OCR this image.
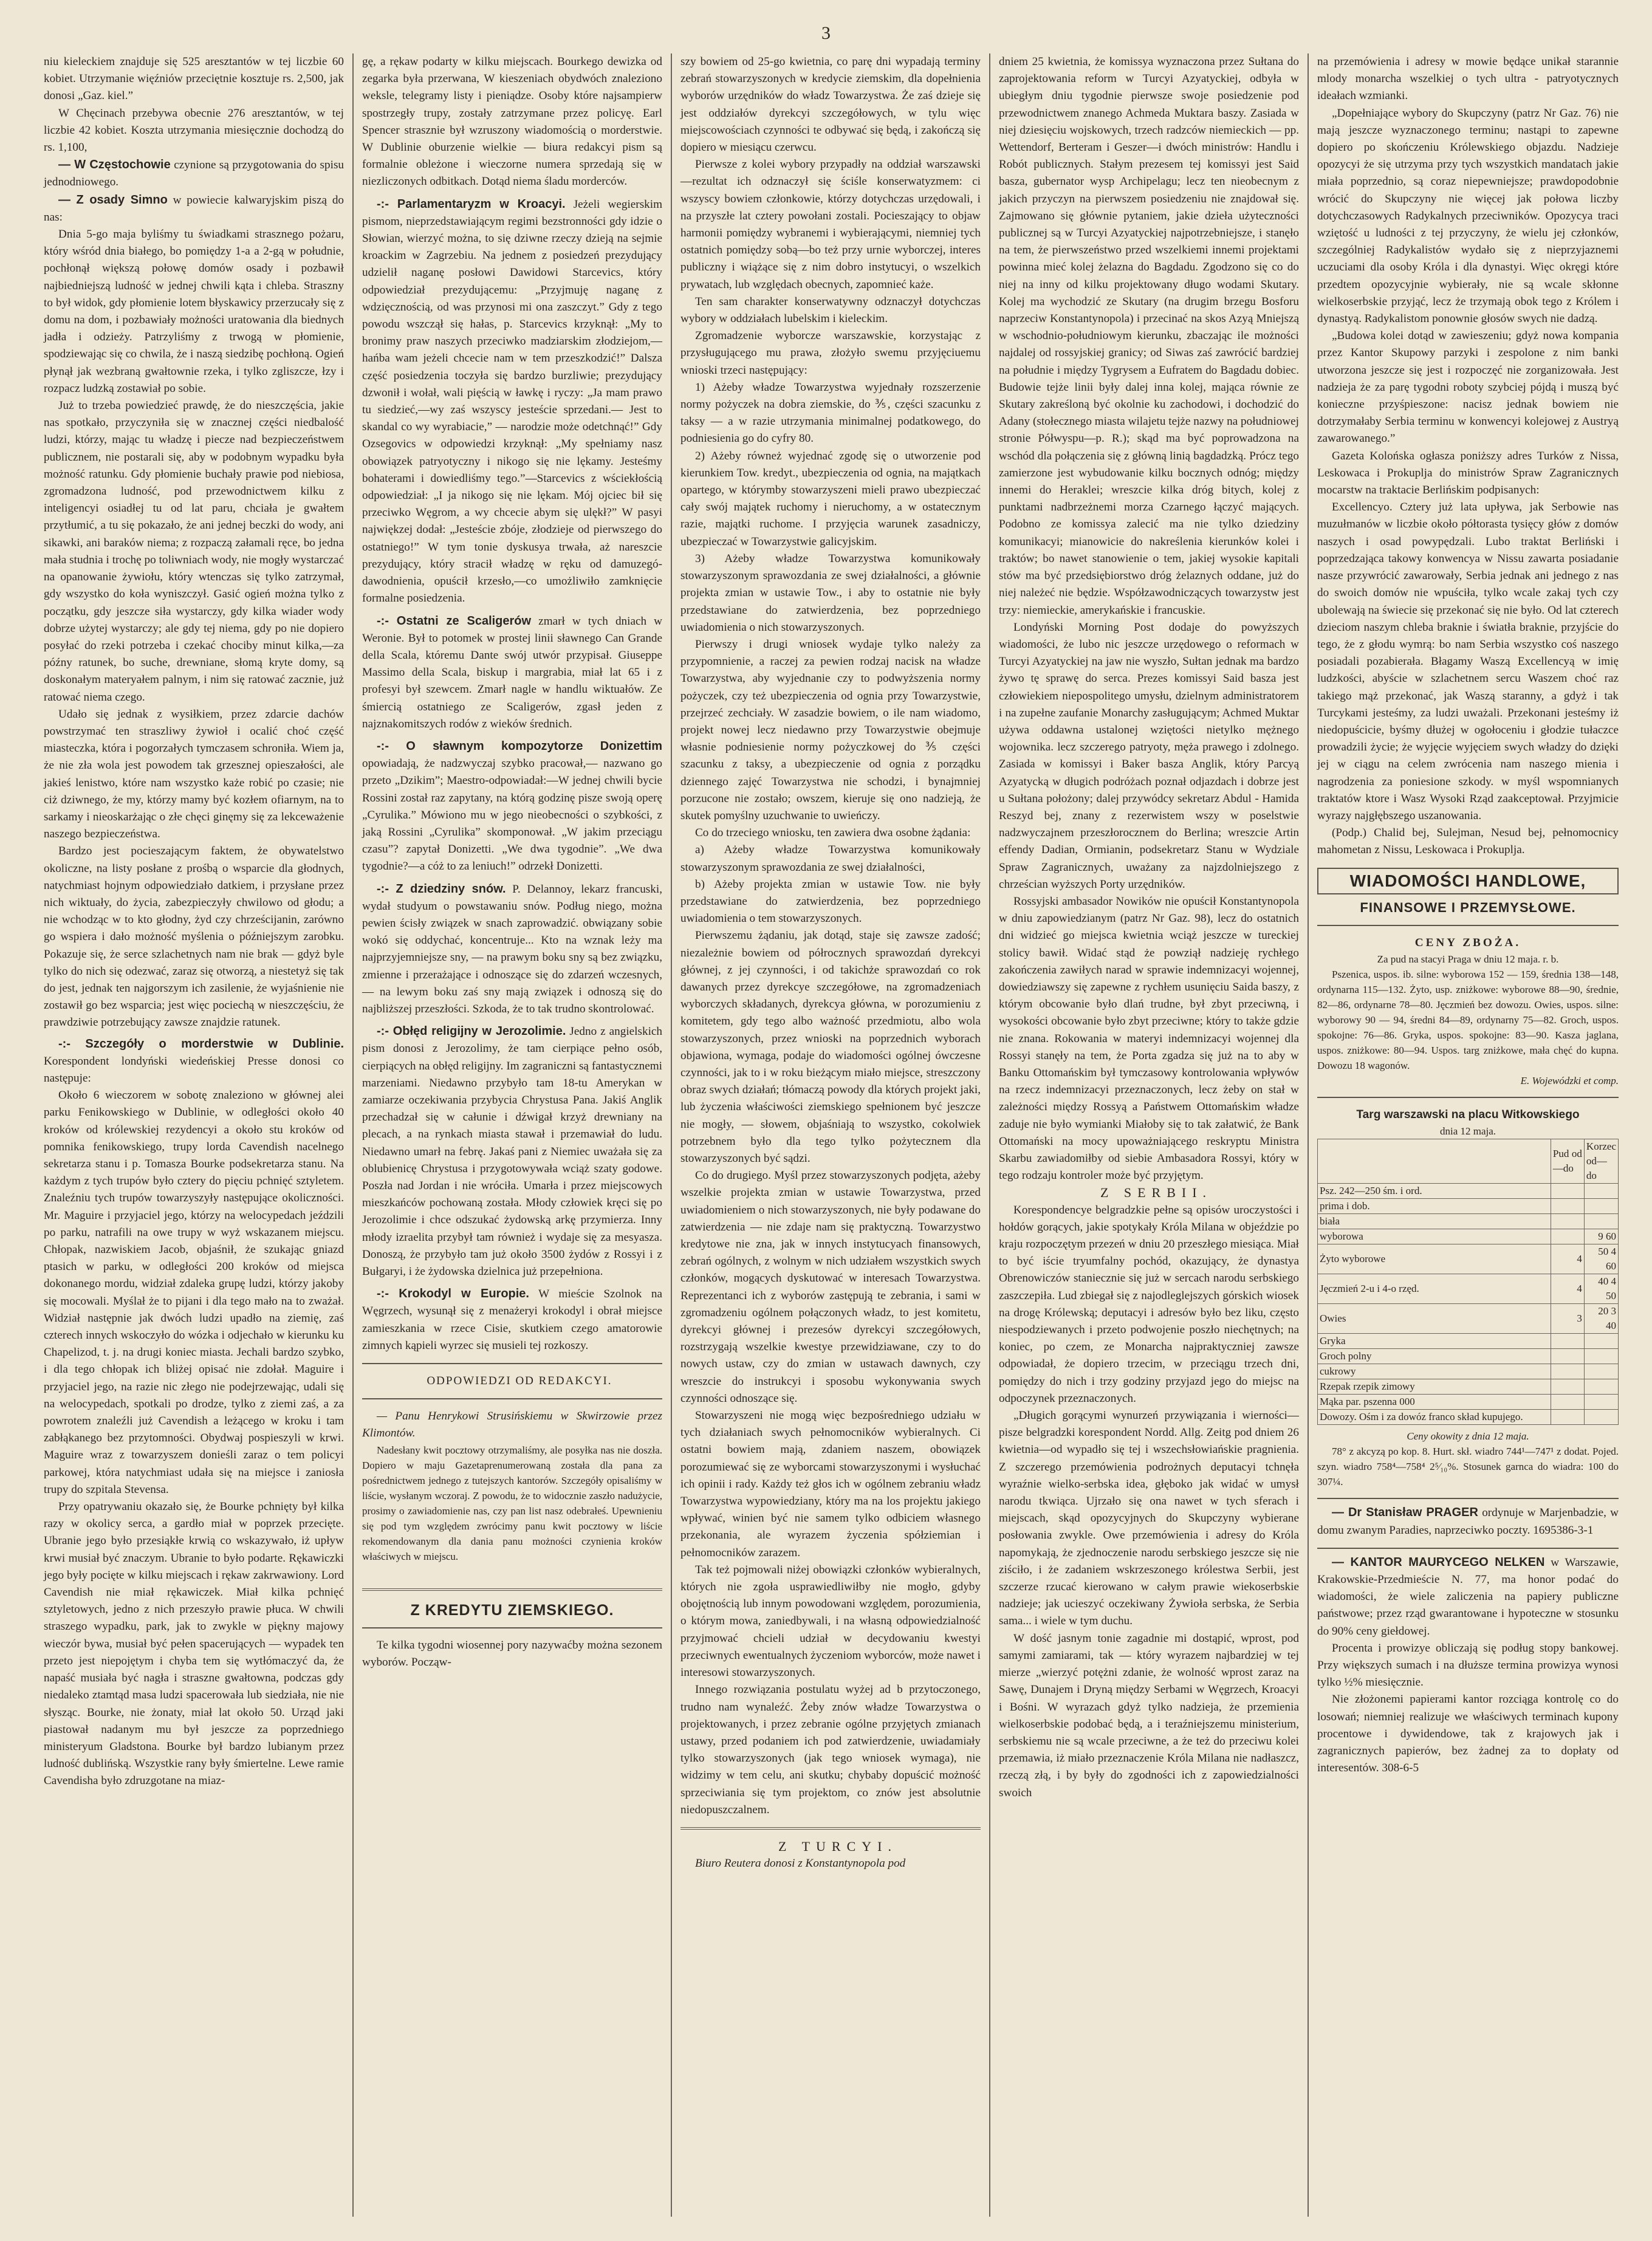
3

niu kieleckiem znajduje się 525 aresztantów w tej liczbie 60 kobiet. Utrzymanie więźniów przeciętnie kosztuje rs. 2,500, jak donosi „Gaz. kiel.”

W Chęcinach przebywa obecnie 276 aresztantów, w tej liczbie 42 kobiet. Koszta utrzymania miesięcznie dochodzą do rs. 1,100,

— W Częstochowie czynione są przygotowania do spisu jednodniowego.

— Z osady Simno w powiecie kalwaryjskim piszą do nas:

Dnia 5-go maja byliśmy tu świadkami strasznego pożaru, który wśród dnia białego, bo pomiędzy 1-a a 2-gą w południe, pochłonął większą połowę domów osady i pozbawił najbiedniejszą ludność w jednej chwili kąta i chleba. Straszny to był widok, gdy płomienie lotem błyskawicy przerzucały się z domu na dom, i pozbawiały możności uratowania dla biednych jadła i odzieży. Patrzyliśmy z trwogą w płomienie, spodziewając się co chwila, że i naszą siedzibę pochłoną. Ogień płynął jak wezbraną gwałtownie rzeka, i tylko zgliszcze, łzy i rozpacz ludzką zostawiał po sobie.

Już to trzeba powiedzieć prawdę, że do nieszczęścia, jakie nas spotkało, przyczyniła się w znacznej części niedbalość ludzi, którzy, mając tu władzę i piecze nad bezpieczeństwem publicznem, nie postarali się, aby w podobnym wypadku była możność ratunku. Gdy płomienie buchały prawie pod niebiosa, zgromadzona ludność, pod przewodnictwem kilku z inteligencyi osiadłej tu od lat paru, chciała je gwałtem przytłumić, a tu się pokazało, że ani jednej beczki do wody, ani sikawki, ani baraków niema; z rozpaczą załamali ręce, bo jedna mała studnia i trochę po toliwniach wody, nie mogły wystarczać na opanowanie żywiołu, który wtenczas się tylko zatrzymał, gdy wszystko do koła wyniszczył. Gasić ogień można tylko z początku, gdy jeszcze siła wystarczy, gdy kilka wiader wody dobrze użytej wystarczy; ale gdy tej niema, gdy po nie dopiero posyłać do rzeki potrzeba i czekać chociby minut kilka,—za późny ratunek, bo suche, drewniane, słomą kryte domy, są doskonałym materyałem palnym, i nim się ratować zacznie, już ratować niema czego.

Udało się jednak z wysiłkiem, przez zdarcie dachów powstrzymać ten straszliwy żywioł i ocalić choć część miasteczka, która i pogorzałych tymczasem schroniła. Wiem ja, że nie zła wola jest powodem tak grzesznej opieszałości, ale jakieś lenistwo, które nam wszystko każe robić po czasie; nie ciż dziwnego, że my, którzy mamy być kozłem ofiarnym, na to sarkamy i nieoskarżając o złe chęci ginęmy się za lekceważenie naszego bezpieczeństwa.

Bardzo jest pocieszającym faktem, że obywatelstwo okoliczne, na listy posłane z prośbą o wsparcie dla głodnych, natychmiast hojnym odpowiedziało datkiem, i przysłane przez nich wiktuały, do życia, zabezpieczyły chwilowo od głodu; a nie wchodząc w to kto głodny, żyd czy chrześcijanin, zarówno go wspiera i dało możność myślenia o późniejszym zarobku. Pokazuje się, że serce szlachetnych nam nie brak — gdyż byle tylko do nich się odezwać, zaraz się otworzą, a niestetyż się tak do jest, jednak ten najgorszym ich zasilenie, że wyjaśnienie nie zostawił go bez wsparcia; jest więc pociechą w nieszczęściu, że prawdziwie potrzebujący zawsze znajdzie ratunek.

-:- Szczegóły o morderstwie w Dublinie. Korespondent londyński wiedeńskiej Presse donosi co następuje:

Około 6 wieczorem w sobotę znaleziono w głównej alei parku Fenikowskiego w Dublinie, w odległości około 40 kroków od królewskiej rezydencyi a około stu kroków od pomnika fenikowskiego, trupy lorda Cavendish nacelnego sekretarza stanu i p. Tomasza Bourke podsekretarza stanu. Na każdym z tych trupów było cztery do pięciu pchnięć sztyletem. Znaleźniu tych trupów towarzyszyły następujące okoliczności. Mr. Maguire i przyjaciel jego, którzy na welocypedach jeździli po parku, natrafili na owe trupy w wyż wskazanem miejscu. Chłopak, nazwiskiem Jacob, objaśnił, że szukając gniazd ptasich w parku, w odległości 200 kroków od miejsca dokonanego mordu, widział zdaleka grupę ludzi, którzy jakoby się mocowali. Myślał że to pijani i dla tego mało na to zważał. Widział następnie jak dwóch ludzi upadło na ziemię, zaś czterech innych wskoczyło do wózka i odjechało w kierunku ku Chapelizod, t. j. na drugi koniec miasta. Jechali bardzo szybko, i dla tego chłopak ich bliżej opisać nie zdołał. Maguire i przyjaciel jego, na razie nic złego nie podejrzewając, udali się na welocypedach, spotkali po drodze, tylko z ziemi zaś, a za powrotem znaleźli już Cavendish a leżącego w kroku i tam zabłąkanego bez przytomności. Obydwaj pospieszyli w krwi. Maguire wraz z towarzyszem donieśli zaraz o tem policyi parkowej, która natychmiast udała się na miejsce i zaniosła trupy do szpitala Stevensa.

Przy opatrywaniu okazało się, że Bourke pchnięty był kilka razy w okolicy serca, a gardło miał w poprzek przecięte. Ubranie jego było przesiąkłe krwią co wskazywało, iż upływ krwi musiał być znaczym. Ubranie to było podarte. Rękawiczki jego były pocięte w kilku miejscach i rękaw zakrwawiony. Lord Cavendish nie miał rękawiczek. Miał kilka pchnięć sztyletowych, jedno z nich przeszyło prawie płuca. W chwili straszego wypadku, park, jak to zwykle w piękny majowy wieczór bywa, musiał być pełen spacerujących — wypadek ten przeto jest niepojętym i chyba tem się wytłómaczyć da, że napaść musiała być nagła i straszne gwałtowna, podczas gdy niedaleko ztamtąd masa ludzi spacerowała lub siedziała, nie nie słysząc. Bourke, nie żonaty, miał lat około 50. Urząd jaki piastował nadanym mu był jeszcze za poprzedniego ministeryum Gladstona. Bourke był bardzo lubianym przez ludność dublińską. Wszystkie rany były śmiertelne. Lewe ramie Cavendisha było zdruzgotane na miaz-

gę, a rękaw podarty w kilku miejscach. Bourkego dewizka od zegarka była przerwana, W kieszeniach obydwóch znaleziono weksle, telegramy listy i pieniądze. Osoby które najsampierw spostrzegły trupy, zostały zatrzymane przez policyę. Earl Spencer strasznie był wzruszony wiadomością o morderstwie. W Dublinie oburzenie wielkie — biura redakcyi pism są formalnie obleżone i wieczorne numera sprzedają się w niezliczonych odbitkach. Dotąd niema śladu morderców.

-:- Parlamentaryzm w Kroacyi. Jeżeli wegierskim pismom, nieprzedstawiającym regimi bezstronności gdy idzie o Słowian, wierzyć można, to się dziwne rzeczy dzieją na sejmie kroackim w Zagrzebiu. Na jednem z posiedzeń prezydujący udzielił naganę posłowi Dawidowi Starcevics, który odpowiedział prezydującemu: „Przyjmuję naganę z wdzięcznością, od was przynosi mi ona zaszczyt.” Gdy z tego powodu wszczął się hałas, p. Starcevics krzyknął: „My to bronimy praw naszych przeciwko madziarskim złodziejom,—hańba wam jeżeli chcecie nam w tem przeszkodzić!” Dalsza część posiedzenia toczyła się bardzo burzliwie; prezydujący dzwonił i wołał, wali pięścią w ławkę i ryczy: „Ja mam prawo tu siedzieć,—wy zaś wszyscy jesteście sprzedani.— Jest to skandal co wy wyrabiacie,” — narodzie może odetchnąć!” Gdy Ozsegovics w odpowiedzi krzyknął: „My spełniamy nasz obowiązek patryotyczny i nikogo się nie lękamy. Jesteśmy bohaterami i dowiedliśmy tego.”—Starcevics z wściekłością odpowiedział: „I ja nikogo się nie lękam. Mój ojciec bił się przeciwko Węgrom, a wy chcecie abym się ulękł?” W pasyi najwiękzej dodał: „Jesteście zbóje, złodzieje od pierwszego do ostatniego!” W tym tonie dyskusya trwała, aż nareszcie prezydujący, który stracił władzę w ręku od damuzegó-dawodnienia, opuścił krzesło,—co umożliwiło zamknięcie formalne posiedzenia.

-:- Ostatni ze Scaligerów zmarł w tych dniach w Weronie. Był to potomek w prostej linii sławnego Can Grande della Scala, któremu Dante swój utwór przypisał. Giuseppe Massimo della Scala, biskup i margrabia, miał lat 65 i z profesyi był szewcem. Zmarł nagle w handlu wiktuałów. Ze śmiercią ostatniego ze Scaligerów, zgasł jeden z najznakomitszych rodów z wieków średnich.

-:- O sławnym kompozytorze Donizettim opowiadają, że nadzwyczaj szybko pracował,— nazwano go przeto „Dzikim”; Maestro-odpowiadał:—W jednej chwili bycie Rossini został raz zapytany, na którą godzinę pisze swoją operę „Cyrulika.” Mówiono mu w jego nieobecności o szybkości, z jaką Rossini „Cyrulika” skomponował. „W jakim przeciągu czasu”? zapytał Donizetti. „We dwa tygodnie”. „We dwa tygodnie?—a cóż to za leniuch!” odrzekł Donizetti.

-:- Z dziedziny snów. P. Delannoy, lekarz francuski, wydał studyum o powstawaniu snów. Podług niego, można pewien ścisły związek w snach zaprowadzić. obwiązany sobie wokó się oddychać, koncentruje... Kto na wznak leży ma najprzyjemniejsze sny, — na prawym boku sny są bez związku, zmienne i przerażające i odnoszące się do zdarzeń wczesnych,— na lewym boku zaś sny mają związek i odnoszą się do najbliższej przeszłości. Szkoda, że to tak trudno skontrolować.

-:- Obłęd religijny w Jerozolimie. Jedno z angielskich pism donosi z Jerozolimy, że tam cierpiące pełno osób, cierpiących na obłęd religijny. Im zagraniczni są fantastycznemi marzeniami. Niedawno przybyło tam 18-tu Amerykan w zamiarze oczekiwania przybycia Chrystusa Pana. Jakiś Anglik przechadzał się w całunie i dźwigał krzyż drewniany na plecach, a na rynkach miasta stawał i przemawiał do ludu. Niedawno umarł na febrę. Jakaś pani z Niemiec uważała się za oblubienicę Chrystusa i przygotowywała wciąż szaty godowe. Poszła nad Jordan i nie wróciła. Umarła i przez miejscowych mieszkańców pochowaną została. Młody człowiek kręci się po Jerozolimie i chce odszukać żydowską arkę przymierza. Inny młody izraelita przybył tam również i wydaje się za mesyasza. Donoszą, że przybyło tam już około 3500 żydów z Rossyi i z Bułgaryi, i że żydowska dzielnica już przepełniona.

-:- Krokodyl w Europie. W mieście Szolnok na Węgrzech, wysunął się z menażeryi krokodyl i obrał miejsce zamieszkania w rzece Cisie, skutkiem czego amatorowie zimnych kąpieli wyrzec się musieli tej rozkoszy.

ODPOWIEDZI OD REDAKCYI.

— Panu Henrykowi Strusińskiemu w Skwirzowie przez Klimontów.

Nadesłany kwit pocztowy otrzymaliśmy, ale posyłka nas nie doszła. Dopiero w maju Gazetaprenumerowaną została dla pana za pośrednictwem jednego z tutejszych kantorów. Szczegóły opisaliśmy w liście, wysłanym wczoraj. Z powodu, że to widocznie zaszło nadużycie, prosimy o zawiadomienie nas, czy pan list nasz odebrałeś. Upewnieniu się pod tym względem zwrócimy panu kwit pocztowy w liście rekomendowanym dla dania panu możności czynienia kroków właściwych w miejscu.

Z KREDYTU ZIEMSKIEGO.

Te kilka tygodni wiosennej pory nazywaćby można sezonem wyborów. Począw-

szy bowiem od 25-go kwietnia, co parę dni wypadają terminy zebrań stowarzyszonych w kredycie ziemskim, dla dopełnienia wyborów urzędników do władz Towarzystwa. Że zaś dzieje się jest oddziałów dyrekcyi szczegółowych, w tylu więc miejscowościach czynności te odbywać się będą, i zakończą się dopiero w miesiącu czerwcu.

Pierwsze z kolei wybory przypadły na oddział warszawski —rezultat ich odznaczył się ściśle konserwatyzmem: ci wszyscy bowiem członkowie, którzy dotychczas urzędowali, i na przyszłe lat cztery powołani zostali. Pocieszający to objaw harmonii pomiędzy wybranemi i wybierającymi, niemniej tych ostatnich pomiędzy sobą—bo też przy urnie wyborczej, interes publiczny i wiążące się z nim dobro instytucyi, o wszelkich prywatach, lub względach obecnych, zapomnieć każe.

Ten sam charakter konserwatywny odznaczył dotychczas wybory w oddziałach lubelskim i kieleckim.

Zgromadzenie wyborcze warszawskie, korzystając z przysługującego mu prawa, złożyło swemu przyjęciuemu wnioski trzeci następujący:

1) Ażeby władze Towarzystwa wyjednały rozszerzenie normy pożyczek na dobra ziemskie, do ⅗, części szacunku z taksy — a w razie utrzymania minimalnej podatkowego, do podniesienia go do cyfry 80.

2) Ażeby równeż wyjednać zgodę się o utworzenie pod kierunkiem Tow. kredyt., ubezpieczenia od ognia, na majątkach opartego, w którymby stowarzyszeni mieli prawo ubezpieczać cały swój majątek ruchomy i nieruchomy, a w ostatecznym razie, majątki ruchome. I przyjęcia warunek zasadniczy, ubezpieczać w Towarzystwie galicyjskim.

3) Ażeby władze Towarzystwa komunikowały stowarzyszonym sprawozdania ze swej działalności, a głównie projekta zmian w ustawie Tow., i aby to ostatnie nie były przedstawiane do zatwierdzenia, bez poprzedniego uwiadomienia o nich stowarzyszonych.

Pierwszy i drugi wniosek wydaje tylko należy za przypomnienie, a raczej za pewien rodzaj nacisk na władze Towarzystwa, aby wyjednanie czy to podwyższenia normy pożyczek, czy też ubezpieczenia od ognia przy Towarzystwie, przejrzeć zechciały. W zasadzie bowiem, o ile nam wiadomo, projekt nowej lecz niedawno przy Towarzystwie obejmuje własnie podniesienie normy pożyczkowej do ⅗ części szacunku z taksy, a ubezpieczenie od ognia z porządku dziennego zajęć Towarzystwa nie schodzi, i bynajmniej porzucone nie zostało; owszem, kieruje się ono nadzieją, że skutek pomyślny uzuchwanie to uwieńczy.

Co do trzeciego wniosku, ten zawiera dwa osobne żądania:

a) Ażeby władze Towarzystwa komunikowały stowarzyszonym sprawozdania ze swej działalności,

b) Ażeby projekta zmian w ustawie Tow. nie były przedstawiane do zatwierdzenia, bez poprzedniego uwiadomienia o tem stowarzyszonych.

Pierwszemu żądaniu, jak dotąd, staje się zawsze zadość; niezależnie bowiem od półrocznych sprawozdań dyrekcyi głównej, z jej czynności, i od takichże sprawozdań co rok dawanych przez dyrekcye szczegółowe, na zgromadzeniach wyborczych składanych, dyrekcya główna, w porozumieniu z komitetem, gdy tego albo ważność przedmiotu, albo wola stowarzyszonych, przez wnioski na poprzednich wyborach objawiona, wymaga, podaje do wiadomości ogólnej ówczesne czynności, jak to i w roku bieżącym miało miejsce, streszczony obraz swych działań; tłómaczą powody dla których projekt jaki, lub życzenia właściwości ziemskiego spełnionem być jeszcze nie mogły, — słowem, objaśniają to wszystko, cokolwiek potrzebnem było dla tego tylko pożytecznem dla stowarzyszonych być sądzi.

Co do drugiego. Myśl przez stowarzyszonych podjęta, ażeby wszelkie projekta zmian w ustawie Towarzystwa, przed uwiadomieniem o nich stowarzyszonych, nie były podawane do zatwierdzenia — nie zdaje nam się praktyczną. Towarzystwo kredytowe nie zna, jak w innych instytucyach finansowych, zebrań ogólnych, z wolnym w nich udziałem wszystkich swych członków, mogących dyskutować w interesach Towarzystwa. Reprezentanci ich z wyborów zastępują te zebrania, i sami w zgromadzeniu ogólnem połączonych władz, to jest komitetu, dyrekcyi głównej i prezesów dyrekcyi szczegółowych, rozstrzygają wszelkie kwestye przewidziawane, czy to do nowych ustaw, czy do zmian w ustawach dawnych, czy wreszcie do instrukcyi i sposobu wykonywania swych czynności odnoszące się.

Stowarzyszeni nie mogą więc bezpośredniego udziału w tych działaniach swych pełnomocników wybieralnych. Ci ostatni bowiem mają, zdaniem naszem, obowiązek porozumiewać się ze wyborcami stowarzyszonymi i wysłuchać ich opinii i rady. Każdy też głos ich w ogólnem zebraniu władz Towarzystwa wypowiedziany, który ma na los projektu jakiego wpływać, winien być nie samem tylko odbiciem własnego przekonania, ale wyrazem życzenia spółziemian i pełnomocników zarazem.

Tak też pojmowali niżej obowiązki członków wybieralnych, których nie zgoła usprawiedliwiłby nie mogło, gdyby obojętnością lub innym powodowani względem, porozumienia, o którym mowa, zaniedbywali, i na własną odpowiedzialność przyjmować chcieli udział w decydowaniu kwestyi przeciwnych ewentualnych życzeniom wyborców, może nawet i interesowi stowarzyszonych.

Innego rozwiązania postulatu wyżej ad b przytoczonego, trudno nam wynaleźć. Żeby znów władze Towarzystwa o projektowanych, i przez zebranie ogólne przyjętych zmianach ustawy, przed podaniem ich pod zatwierdzenie, uwiadamiały tylko stowarzyszonych (jak tego wniosek wymaga), nie widzimy w tem celu, ani skutku; chybaby dopuścić możność sprzeciwiania się tym projektom, co znów jest absolutnie niedopuszczalnem.

Z TURCYI.

Biuro Reutera donosi z Konstantynopola pod

dniem 25 kwietnia, że komissya wyznaczona przez Sułtana do zaprojektowania reform w Turcyi Azyatyckiej, odbyła w ubiegłym dniu tygodnie pierwsze swoje posiedzenie pod przewodnictwem znanego Achmeda Muktara baszy. Zasiada w niej dziesięciu wojskowych, trzech radzców niemieckich — pp. Wettendorf, Berteram i Geszer—i dwóch ministrów: Handlu i Robót publicznych. Stałym prezesem tej komissyi jest Said basza, gubernator wysp Archipelagu; lecz ten nieobecnym z jakich przyczyn na pierwszem posiedzeniu nie znajdował się. Zajmowano się głównie pytaniem, jakie dzieła użyteczności publicznej są w Turcyi Azyatyckiej najpotrzebniejsze, i stanęło na tem, że pierwszeństwo przed wszelkiemi innemi projektami powinna mieć kolej żelazna do Bagdadu. Zgodzono się co do niej na inny od kilku projektowany długo wodami Skutary. Kolej ma wychodzić ze Skutary (na drugim brzegu Bosforu naprzeciw Konstantynopola) i przecinać na skos Azyą Mniejszą w wschodnio-południowym kierunku, zbaczając ile możności najdalej od rossyjskiej granicy; od Siwas zaś zawrócić bardziej na południe i między Tygrysem a Eufratem do Bagdadu dobiec. Budowie tejże linii były dalej inna kolej, mająca równie ze Skutary zakreśloną być okolnie ku zachodowi, i dochodzić do Adany (stołecznego miasta wilajetu tejże nazwy na południowej stronie Półwyspu—p. R.); skąd ma być poprowadzona na wschód dla połączenia się z główną linią bagdadzką. Prócz tego zamierzone jest wybudowanie kilku bocznych odnóg; między innemi do Heraklei; wreszcie kilka dróg bitych, kolej z punktami nadbrzeżnemi morza Czarnego łączyć mających. Podobno ze komissya zalecić ma nie tylko dziedziny komunikacyi; mianowicie do nakreślenia kierunków kolei i traktów; bo nawet stanowienie o tem, jakiej wysokie kapitali stów ma być przedsiębiorstwo dróg żelaznych oddane, już do niej należeć nie będzie. Współzawodniczących towarzystw jest trzy: niemieckie, amerykańskie i francuskie.

Londyński Morning Post dodaje do powyższych wiadomości, że lubo nic jeszcze urzędowego o reformach w Turcyi Azyatyckiej na jaw nie wyszło, Sułtan jednak ma bardzo żywo tę sprawę do serca. Prezes komissyi Said basza jest człowiekiem niepospolitego umysłu, dzielnym administratorem i na zupełne zaufanie Monarchy zasługującym; Achmed Muktar używa oddawna ustalonej wziętości nietylko mężnego wojownika. lecz szczerego patryoty, męża prawego i zdolnego. Zasiada w komissyi i Baker basza Anglik, który Parcyą Azyatycką w długich podróżach poznał odjazdach i dobrze jest u Sułtana położony; dalej przywódcy sekretarz Abdul - Hamida Reszyd bej, znany z rezerwistem wszy w poselstwie nadzwyczajnem przeszłorocznem do Berlina; wreszcie Artin effendy Dadian, Ormianin, podsekretarz Stanu w Wydziale Spraw Zagranicznych, uważany za najzdolniejszego z chrześcian wyższych Porty urzędników.

Rossyjski ambasador Nowików nie opuścił Konstantynopola w dniu zapowiedzianym (patrz Nr Gaz. 98), lecz do ostatnich dni widzieć go miejsca kwietnia wciąż jeszcze w tureckiej stolicy bawił. Widać stąd że powziął nadzieję rychłego zakończenia zawiłych narad w sprawie indemnizacyi wojennej, dowiedziawszy się zapewne z rychłem usunięciu Saida baszy, z którym obcowanie było dlań trudne, był zbyt przeciwną, i wysokości obcowanie było zbyt przeciwne; który to także gdzie nie znana. Rokowania w materyi indemnizacyi wojennej dla Rossyi stanęły na tem, że Porta zgadza się już na to aby w Banku Ottomańskim był tymczasowy kontrolowania wpływów na rzecz indemnizacyi przeznaczonych, lecz żeby on stał w zależności między Rossyą a Państwem Ottomańskim władze zaduje nie było wymianki Miałoby się to tak załatwić, że Bank Ottomański na mocy upoważniającego reskryptu Ministra Skarbu zawiadomiłby od siebie Ambasadora Rossyi, który w tego rodzaju kontroler może być przyjętym.

Z SERBII.

Korespondencye belgradzkie pełne są opisów uroczystości i hołdów gorących, jakie spotykały Króla Milana w objeździe po kraju rozpoczętym przezeń w dniu 20 przeszłego miesiąca. Miał to być iście tryumfalny pochód, okazujący, że dynastya Obrenowiczów staniecznie się już w sercach narodu serbskiego zaszczepiła. Lud zbiegał się z najodleglejszych górskich wiosek na drogę Królewską; deputacyi i adresów było bez liku, często niespodziewanych i przeto podwojenie poszło niechętnych; na koniec, po czem, ze Monarcha najpraktyczniej zawsze odpowiadał, że dopiero trzecim, w przeciągu trzech dni, pomiędzy do nich i trzy godziny przyjazd jego do miejsc na odpoczynek przeznaczonych.

„Długich gorącymi wynurzeń przywiązania i wierności— pisze belgradzki korespondent Nordd. Allg. Zeitg pod dniem 26 kwietnia—od wypadło się tej i wszechsłowiańskie pragnienia. Z szczerego przemówienia podrożnych deputacyi tchnęła wyraźnie wielko-serbska idea, głęboko jak widać w umysł narodu tkwiąca. Ujrzało się ona nawet w tych sferach i miejscach, skąd opozycyjnych do Skupczyny wybierane posłowania zwykle. Owe przemówienia i adresy do Króla napomykają, że zjednoczenie narodu serbskiego jeszcze się nie ziściło, i że zadaniem wskrzeszonego królestwa Serbii, jest szczerze rzucać kierowano w całym prawie wiekoserbskie nadzieje; jak ucieszyć oczekiwany Żywioła serbska, że Serbia sama... i wiele w tym duchu.

W dość jasnym tonie zagadnie mi dostąpić, wprost, pod samymi zamiarami, tak — który wyrazem najbardziej w tej mierze „wierzyć potężni zdanie, że wolność wprost zaraz na Sawę, Dunajem i Dryną między Serbami w Węgrzech, Kroacyi i Bośni. W wyrazach gdyż tylko nadzieja, że przemienia wielkoserbskie podobać będą, a i teraźniejszemu ministerium, serbskiemu nie są wcale przeciwne, a że też do przeciwu kolei przemawia, iż miało przeznaczenie Króla Milana nie nadłaszcz, rzeczą złą, i by były do zgodności ich z zapowiedzialności swoich

na przemówienia i adresy w mowie będące unikał starannie mlody monarcha wszelkiej o tych ultra - patryotycznych ideałach wzmianki.

„Dopełniające wybory do Skupczyny (patrz Nr Gaz. 76) nie mają jeszcze wyznaczonego terminu; nastąpi to zapewne dopiero po skończeniu Królewskiego objazdu. Nadzieje opozycyi że się utrzyma przy tych wszystkich mandatach jakie miała poprzednio, są coraz niepewniejsze; prawdopodobnie wrócić do Skupczyny nie więcej jak połowa liczby dotychczasowych Radykalnych przeciwników. Opozycya traci wziętość u ludności z tej przyczyny, że wielu jej członków, szczególniej Radykalistów wydało się z nieprzyjaznemi uczuciami dla osoby Króla i dla dynastyi. Więc okręgi które przedtem opozycyjnie wybierały, nie są wcale skłonne wielkoserbskie przyjąć, lecz że trzymają obok tego z Królem i dynastyą. Radykalistom ponownie głosów swych nie dadzą.

„Budowa kolei dotąd w zawieszeniu; gdyż nowa kompania przez Kantor Skupowy parzyki i zespolone z nim banki utworzona jeszcze się jest i rozpoczęć nie zorganizowała. Jest nadzieja że za parę tygodni roboty szybciej pójdą i muszą być konieczne przyśpieszone: nacisz jednak bowiem nie dotrzymałaby Serbia terminu w konwencyi kolejowej z Austryą zawarowanego.”

Gazeta Kolońska ogłasza poniższy adres Turków z Nissa, Leskowaca i Prokuplja do ministrów Spraw Zagranicznych mocarstw na traktacie Berlińskim podpisanych:

Excellencyo. Cztery już lata upływa, jak Serbowie nas muzułmanów w liczbie około półtorasta tysięcy głów z domów naszych i osad powypędzali. Lubo traktat Berliński i poprzedzająca takowy konwencya w Nissu zawarta posiadanie nasze przywrócić zawarowały, Serbia jednak ani jednego z nas do swoich domów nie wpuściła, tylko wcale zakaj tych czy ubolewają na świecie się przekonać się nie było. Od lat czterech dzieciom naszym chleba braknie i światła braknie, przyjście do tego, że z głodu wymrą: bo nam Serbia wszystko coś naszego posiadali pozabierała. Błagamy Waszą Excellencyą w imię ludzkości, abyście w szlachetnem sercu Waszem choć raz takiego mąż przekonać, jak Waszą staranny, a gdyż i tak Turcykami jesteśmy, za ludzi uważali. Przekonani jesteśmy iż niedopuścicie, byśmy dłużej w ogołoceniu i głodzie tułaczce prowadzili życie; że wyjęcie wyjęciem swych władzy do dzięki jej w ciągu na celem zwrócenia nam naszego mienia i nagrodzenia za poniesione szkody. w myśl wspomnianych traktatów ktore i Wasz Wysoki Rząd zaakceptował. Przyjmicie wyrazy najgłębszego uszanowania.

(Podp.) Chalid bej, Sulejman, Nesud bej, pełnomocnicy mahometan z Nissu, Leskowaca i Prokuplja.

WIADOMOŚCI HANDLOWE,
FINANSOWE I PRZEMYSŁOWE.

CENY ZBOŻA.

Za pud na stacyi Praga w dniu 12 maja. r. b.

Pszenica, uspos. ib. silne: wyborowa 152 — 159, średnia 138—148, ordynarna 115—132. Żyto, usp. zniżkowe: wyborowe 88—90, średnie, 82—86, ordynarne 78—80. Jęczmień bez dowozu. Owies, uspos. silne: wyborowy 90 — 94, średni 84—89, ordynarny 75—82. Groch, uspos. spokojne: 76—86. Gryka, uspos. spokojne: 83—90. Kasza jaglana, uspos. zniżkowe: 80—94. Uspos. targ zniżkowe, mała chęć do kupna. Dowozu 18 wagonów.

E. Wojewódzki et comp.

Targ warszawski na placu Witkowskiego

dnia 12 maja.

	Pud od—do	Korzec od—do
Psz. 242—250 śm. i ord.		
prima i dob.		
biała		
wyborowa		9 60
Żyto wyborowe	4	50 4 60
Jęczmień 2-u i 4-o rzęd.	4	40 4 50
Owies	3	20 3 40
Gryka		
Groch polny		
cukrowy		
Rzepak rzepik zimowy		
Mąka par. pszenna 000		
Dowozy. Ośm i za dowóz franco skład kupujego.		

Ceny okowity z dnia 12 maja.

78° z akcyzą po kop. 8. Hurt. skł. wiadro 744¹—747¹ z dodat. Pojed. szyn. wiadro 758⁴—758⁴ 2⁵⁄₁₀%. Stosunek garnca do wiadra: 100 do 307¼.

— Dr Stanisław PRAGER ordynuje w Marjenbadzie, w domu zwanym Paradies, naprzeciwko poczty. 1695386-3-1

— KANTOR MAURYCEGO NELKEN w Warszawie, Krakowskie-Przedmieście N. 77, ma honor podać do wiadomości, że wiele zaliczenia na papiery publiczne państwowe; przez rząd gwarantowane i hypoteczne w stosunku do 90% ceny giełdowej.

Procenta i prowizye obliczają się podług stopy bankowej. Przy większych sumach i na dłuższe termina prowizya wynosi tylko ½% miesięcznie.

Nie złożonemi papierami kantor rozciąga kontrolę co do losowań; niemniej realizuje we właściwych terminach kupony procentowe i dywidendowe, tak z krajowych jak i zagranicznych papierów, bez żadnej za to dopłaty od interesentów. 308-6-5
